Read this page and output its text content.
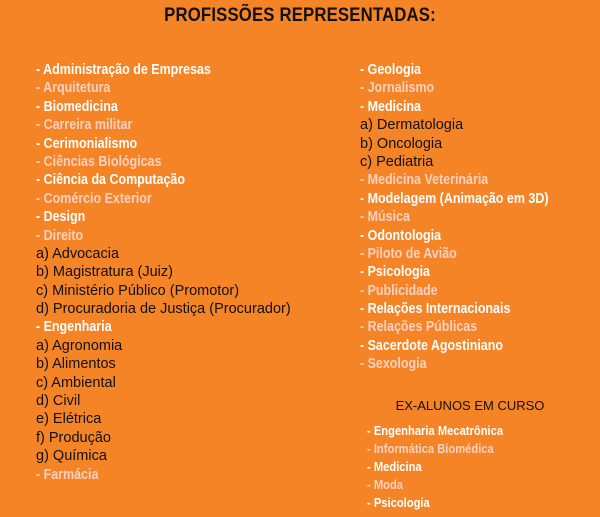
PROFISSÕES REPRESENTADAS:
- Administração de Empresas
- Arquitetura
- Biomedicina
- Carreira militar
- Cerimonialismo
- Ciências Biológicas
- Ciência da Computação
- Comércio Exterior
- Design
- Direito
a) Advocacia
b) Magistratura (Juiz)
c) Ministério Público (Promotor)
d) Procuradoria de Justiça (Procurador)
- Engenharia
a) Agronomia
b) Alimentos
c) Ambiental
d) Civil
e) Elétrica
f) Produção
g) Química
- Farmácia
- Geologia
- Jornalismo
- Medicina
a) Dermatologia
b) Oncologia
c) Pediatria
- Medicina Veterinária
- Modelagem (Animação em 3D)
- Música
- Odontologia
- Piloto de Avião
- Psicologia
- Publicidade
- Relações Internacionais
- Relações Públicas
- Sacerdote Agostiniano
- Sexologia
EX-ALUNOS EM CURSO
- Engenharia Mecatrônica
- Informática Biomédica
- Medicina
- Moda
- Psicologia
